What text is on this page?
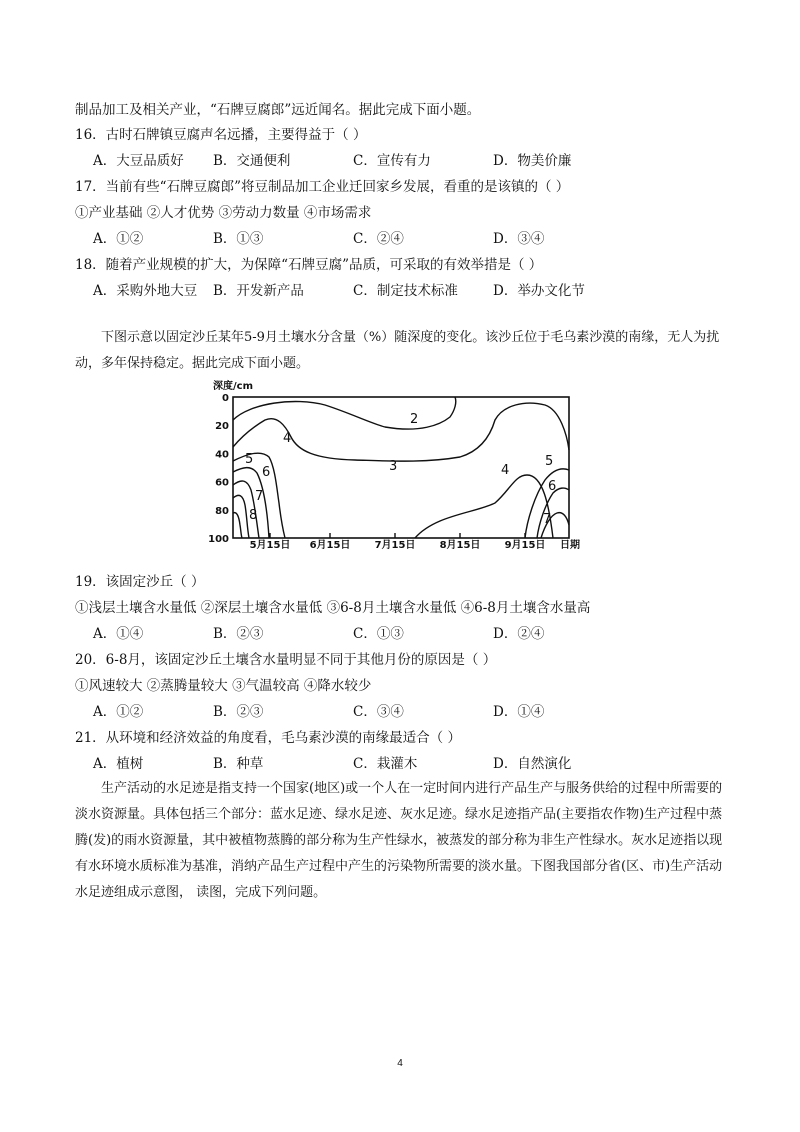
制品加工及相关产业，“石牌豆腐郎”远近闻名。据此完成下面小题。
16．古时石牌镇豆腐声名远播，主要得益于（ ）
A．大豆品质好 B．交通便利	C．宣传有力	D．物美价廉
17．当前有些“石牌豆腐郎”将豆制品加工企业迁回家乡发展，看重的是该镇的（ ）
①产业基础 ②人才优势 ③劳动力数量 ④市场需求
A．①②	B．①③	C．②④	D．③④
18．随着产业规模的扩大，为保障“石牌豆腐”品质，可采取的有效举措是（ ）
A．采购外地大豆 B．开发新产品	C．制定技术标准	D．举办文化节
下图示意以固定沙丘某年5-9月土壤水分含量（%）随深度的变化。该沙丘位于毛乌素沙漠的南缘，无人为扰动，多年保持稳定。据此完成下面小题。
深度/cm
0
20
40
60
80
100
5月15日 6月15日 7月15日 8月15日 9月15日 日期
2
3
4
4
5	5
6
6
7
7
8
19．该固定沙丘（ ）
①浅层土壤含水量低 ②深层土壤含水量低 ③6-8月土壤含水量低 ④6-8月土壤含水量高
A．①④	B．②③	C．①③	D．②④
20．6-8月，该固定沙丘土壤含水量明显不同于其他月份的原因是（ ）
①风速较大 ②蒸腾量较大 ③气温较高 ④降水较少
A．①②	B．②③	C．③④	D．①④
21．从环境和经济效益的角度看，毛乌素沙漠的南缘最适合（ ）
A．植树	B．种草	C．栽灌木	D．自然演化
生产活动的水足迹是指支持一个国家(地区)或一个人在一定时间内进行产品生产与服务供给的过程中所需要的淡水资源量。具体包括三个部分：蓝水足迹、绿水足迹、灰水足迹。绿水足迹指产品(主要指农作物)生产过程中蒸腾(发)的雨水资源量，其中被植物蒸腾的部分称为生产性绿水，被蒸发的部分称为非生产性绿水。灰水足迹指以现有水环境水质标准为基准，消纳产品生产过程中产生的污染物所需要的淡水量。下图我国部分省(区、市)生产活动水足迹组成示意图， 读图，完成下列问题。
4
